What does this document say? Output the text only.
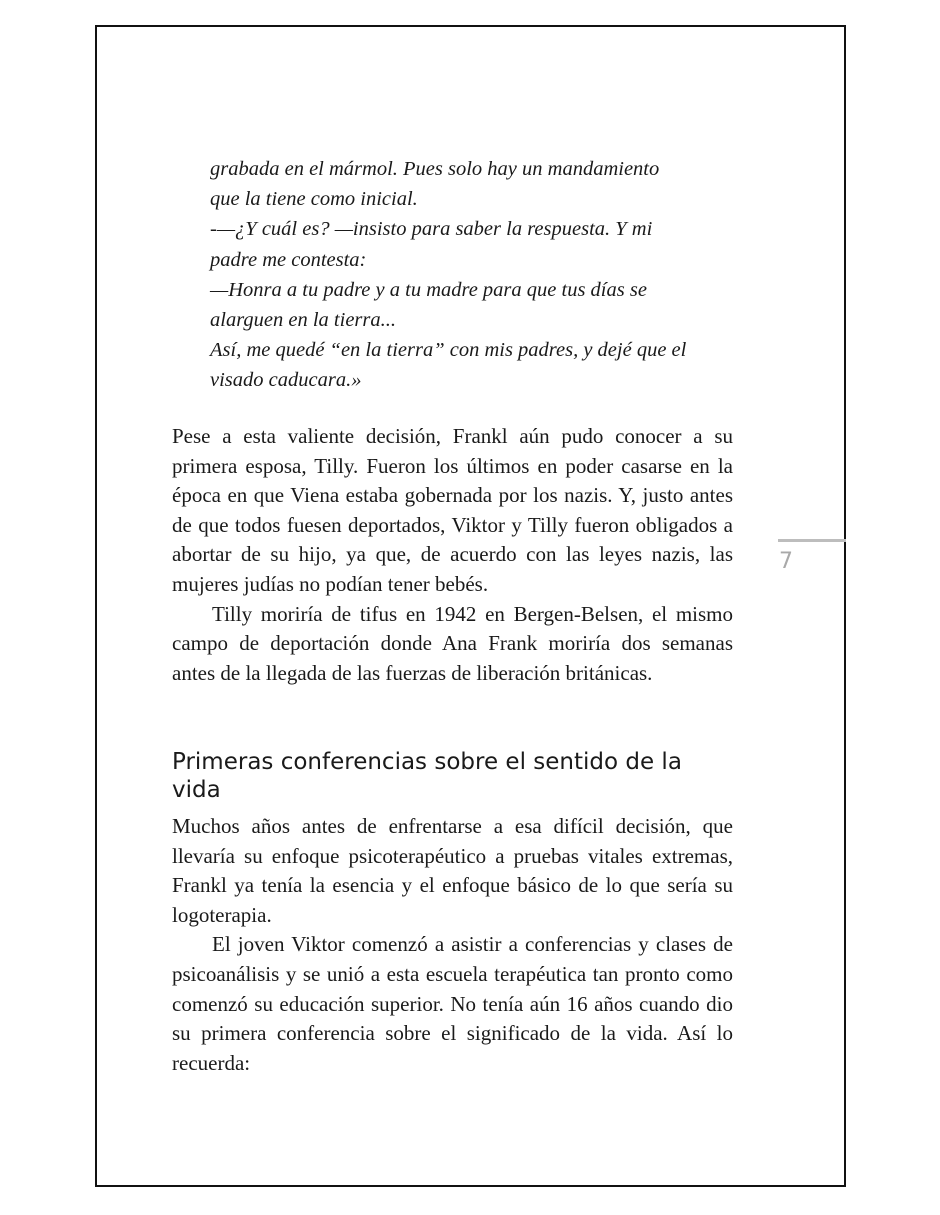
grabada en el mármol. Pues solo hay un mandamiento

que la tiene como inicial.

-—¿Y cuál es? —insisto para saber la respuesta. Y mi

padre me contesta:

—Honra a tu padre y a tu madre para que tus días se

alarguen en la tierra...

Así, me quedé “en la tierra” con mis padres, y dejé que el

visado caducara.»

Pese a esta valiente decisión, Frankl aún pudo conocer a su primera esposa, Tilly. Fueron los últimos en poder casarse en la época en que Viena estaba gobernada por los nazis. Y, justo antes de que todos fuesen deportados, Viktor y Tilly fueron obligados a abortar de su hijo, ya que, de acuerdo con las leyes nazis, las mujeres judías no podían tener bebés.

Tilly moriría de tifus en 1942 en Bergen-Belsen, el mismo campo de deportación donde Ana Frank moriría dos semanas antes de la llegada de las fuerzas de liberación británicas.

Primeras conferencias sobre el sentido de la vida

Muchos años antes de enfrentarse a esa difícil decisión, que llevaría su enfoque psicoterapéutico a pruebas vitales extremas, Frankl ya tenía la esencia y el enfoque básico de lo que sería su logoterapia.

El joven Viktor comenzó a asistir a conferencias y clases de psicoanálisis y se unió a esta escuela terapéutica tan pronto como comenzó su educación superior. No tenía aún 16 años cuando dio su primera conferencia sobre el significado de la vida. Así lo recuerda:

7
